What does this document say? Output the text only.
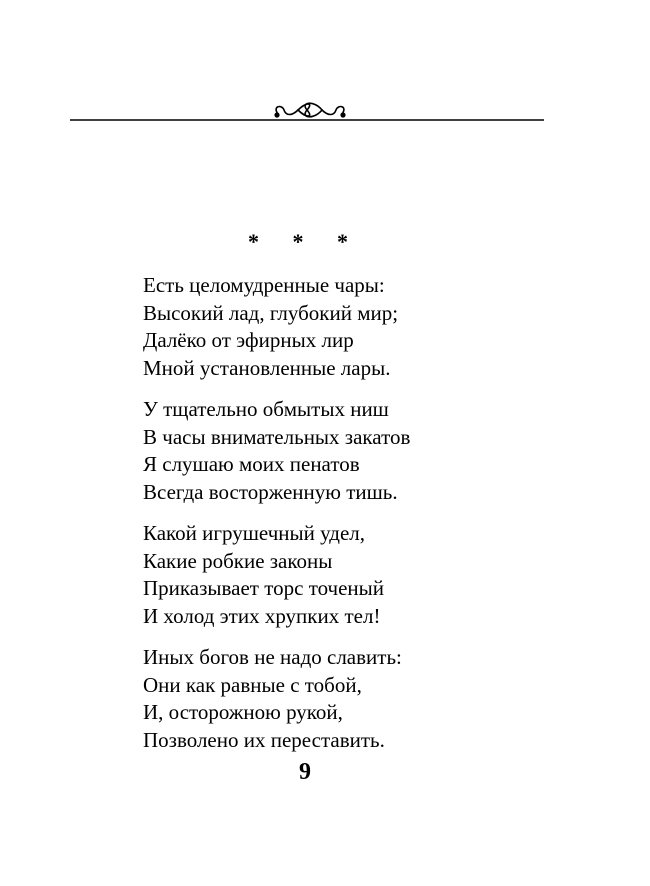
* * *
Есть целомудренные чары:
Высокий лад, глубокий мир;
Далёко от эфирных лир
Мной установленные лары.
У тщательно обмытых ниш
В часы внимательных закатов
Я слушаю моих пенатов
Всегда восторженную тишь.
Какой игрушечный удел,
Какие робкие законы
Приказывает торс точеный
И холод этих хрупких тел!
Иных богов не надо славить:
Они как равные с тобой,
И, осторожною рукой,
Позволено их переставить.
9
